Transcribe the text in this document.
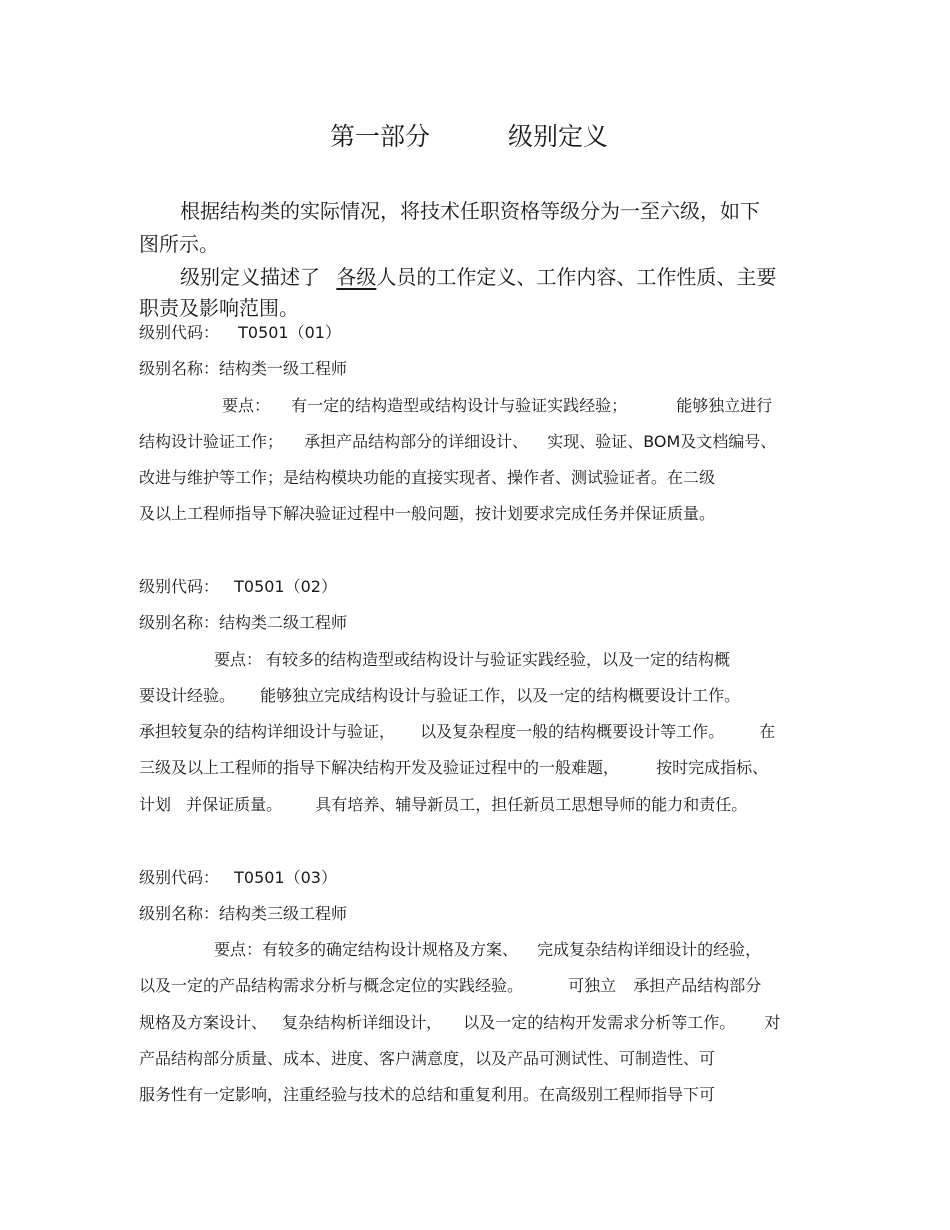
第一部分	级别定义
根据结构类的实际情况，将技术任职资格等级分为一至六级，如下
图所示。
级别定义描述了 各级人员的工作定义、工作内容、工作性质、主要
职责及影响范围。
级别代码： T0501（01）
级别名称：结构类一级工程师
要点： 有一定的结构造型或结构设计与验证实践经验；	能够独立进行
结构设计验证工作； 承担产品结构部分的详细设计、 实现、验证、BOM及文档编号、
改进与维护等工作；是结构模块功能的直接实现者、操作者、测试验证者。在二级
及以上工程师指导下解决验证过程中一般问题，按计划要求完成任务并保证质量。
级别代码： T0501（02）
级别名称：结构类二级工程师
要点： 有较多的结构造型或结构设计与验证实践经验，以及一定的结构概
要设计经验。 能够独立完成结构设计与验证工作，以及一定的结构概要设计工作。
承担较复杂的结构详细设计与验证， 以及复杂程度一般的结构概要设计等工作。 在
三级及以上工程师的指导下解决结构开发及验证过程中的一般难题， 按时完成指标、
计划 并保证质量。 具有培养、辅导新员工，担任新员工思想导师的能力和责任。
级别代码： T0501（03）
级别名称：结构类三级工程师
要点：有较多的确定结构设计规格及方案、 完成复杂结构详细设计的经验，
以及一定的产品结构需求分析与概念定位的实践经验。	可独立 承担产品结构部分
规格及方案设计、 复杂结构析详细设计， 以及一定的结构开发需求分析等工作。 对
产品结构部分质量、成本、进度、客户满意度，以及产品可测试性、可制造性、可
服务性有一定影响，注重经验与技术的总结和重复利用。在高级别工程师指导下可
